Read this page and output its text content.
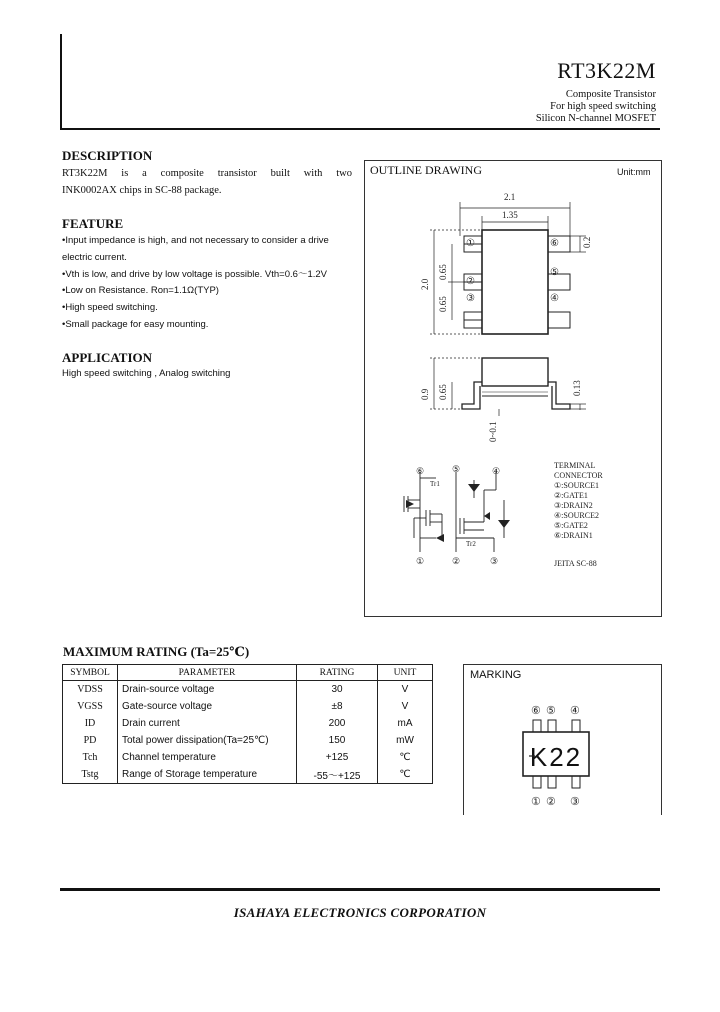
RT3K22M
Composite Transistor
For high speed switching
Silicon N-channel MOSFET
DESCRIPTION
RT3K22M is a composite transistor built with two
INK0002AX chips in SC-88 package.
FEATURE
•Input impedance is high, and not necessary to consider a drive
electric current.
•Vth is low, and drive by low voltage is possible. Vth=0.6～1.2V
•Low on Resistance. Ron=1.1Ω(TYP)
•High speed switching.
•Small package for easy mounting.
APPLICATION
High speed switching , Analog switching
OUTLINE DRAWING	Unit:mm
①
②
③
⑥
⑤
④
2.1
1.35
0.2
2.0
0.65
0.65
0.9 0.65	0.13
0~0.1
⑥	⑤	④
①	②	③
Tr1
Tr2
TERMINAL
CONNECTOR
①:SOURCE1
②:GATE1
③:DRAIN2
④:SOURCE2
⑤:GATE2
⑥:DRAIN1
JEITA SC-88
MAXIMUM RATING (Ta=25℃)
SYMBOL	PARAMETER	RATING	UNIT
VDSS	Drain-source voltage	30	V
VGSS	Gate-source voltage	±8	V
ID	Drain current	200	mA
PD	Total power dissipation(Ta=25℃)	150	mW
Tch	Channel temperature	+125	℃
Tstg	Range of Storage temperature	-55～+125	℃
MARKING
⑥ ⑤ ④
① ② ③
K22
ISAHAYA ELECTRONICS CORPORATION
